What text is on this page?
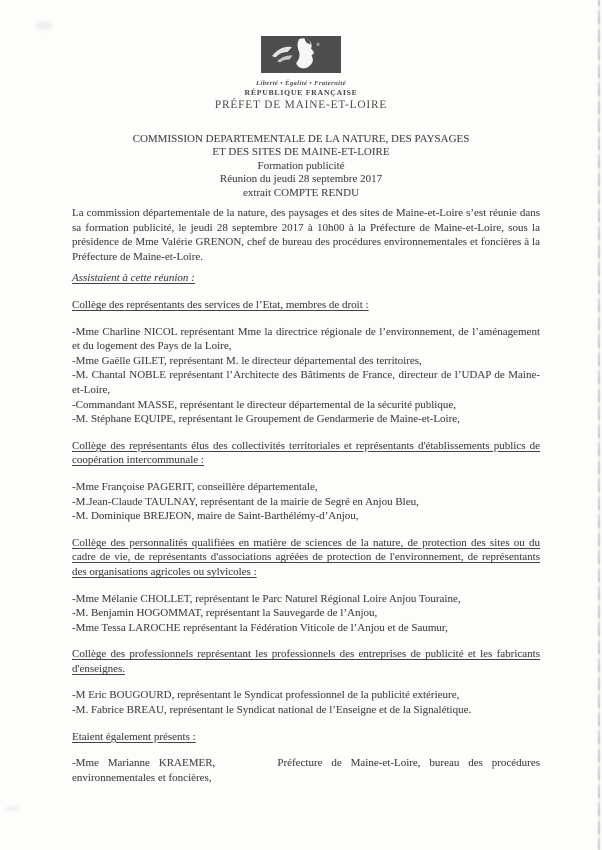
Liberté • Égalité • Fraternité
RÉPUBLIQUE FRANÇAISE
PRÉFET DE MAINE-ET-LOIRE
COMMISSION DEPARTEMENTALE DE LA NATURE, DES PAYSAGES
ET DES SITES DE MAINE-ET-LOIRE
Formation publicité
Réunion du jeudi 28 septembre 2017
extrait COMPTE RENDU

La commission départementale de la nature, des paysages et des sites de Maine-et-Loire s’est réunie dans sa formation publicité, le jeudi 28 septembre 2017 à 10h00 à la Préfecture de Maine-et-Loire, sous la présidence de Mme Valérie GRENON, chef de bureau des procédures environnementales et foncières à la Préfecture de Maine-et-Loire.

Assistaient à cette réunion :

Collège des représentants des services de l’Etat, membres de droit :

-Mme Charline NICOL représentant Mme la directrice régionale de l’environnement, de l’aménagement et du logement des Pays de la Loire,

-Mme Gaëlle GILET, représentant M. le directeur départemental des territoires,

-M. Chantal NOBLE représentant l’Architecte des Bâtiments de France, directeur de l’UDAP de Maine-et-Loire,

-Commandant MASSE, représentant le directeur départemental de la sécurité publique,

-M. Stéphane EQUIPE, représentant le Groupement de Gendarmerie de Maine-et-Loire,

Collège des représentants élus des collectivités territoriales et représentants d'établissements publics de coopération intercommunale :

-Mme Françoise PAGERIT, conseillère départementale,

-M.Jean-Claude TAULNAY, représentant de la mairie de Segré en Anjou Bleu,

-M. Dominique BREJEON, maire de Saint-Barthélémy-d’Anjou,

Collège des personnalités qualifiées en matière de sciences de la nature, de protection des sites ou du cadre de vie, de représentants d'associations agréées de protection de l'environnement, de représentants des organisations agricoles ou sylvicoles :

-Mme Mélanie CHOLLET, représentant le Parc Naturel Régional Loire Anjou Touraine,

-M. Benjamin HOGOMMAT, représentant la Sauvegarde de l’Anjou,

-Mme Tessa LAROCHE représentant la Fédération Viticole de l’Anjou et de Saumur,

Collège des professionnels représentant les professionnels des entreprises de publicité et les fabricants d'enseignes.

-M Eric BOUGOURD, représentant le Syndicat professionnel de la publicité extérieure,

-M. Fabrice BREAU, représentant le Syndicat national de l’Enseigne et de la Signalétique.

Etaient également présents :

-Mme Marianne KRAEMER,       Préfecture de Maine-et-Loire, bureau des procédures environnementales et foncières,
